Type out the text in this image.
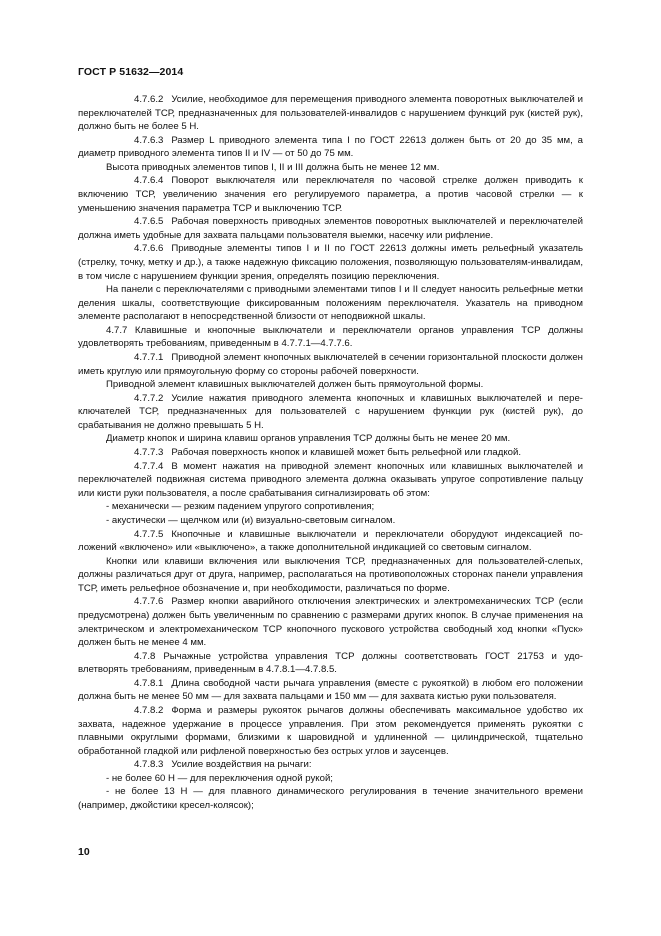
ГОСТ Р 51632—2014

4.7.6.2 Усилие, необходимое для перемещения приводного элемента поворотных выключателей и переключателей ТСР, предназначенных для пользователей-инвалидов с нарушением функций рук (кистей рук), должно быть не более 5 Н.

4.7.6.3 Размер L приводного элемента типа I по ГОСТ 22613 должен быть от 20 до 35 мм, а диаметр приводного элемента типов II и IV — от 50 до 75 мм.

Высота приводных элементов типов I, II и III должна быть не менее 12 мм.

4.7.6.4 Поворот выключателя или переключателя по часовой стрелке должен приводить к включению ТСР, увеличению значения его регулируемого параметра, а против часовой стрелки — к уменьшению значения параметра ТСР и выключению ТСР.

4.7.6.5 Рабочая поверхность приводных элементов поворотных выключателей и переключателей должна иметь удобные для захвата пальцами пользователя выемки, насечку или рифление.

4.7.6.6 Приводные элементы типов I и II по ГОСТ 22613 должны иметь рельефный указатель (стрелку, точку, метку и др.), а также надежную фиксацию положения, позволяющую пользователям-инвалидам, в том числе с нарушением функции зрения, определять позицию переключения.

На панели с переключателями с приводными элементами типов I и II следует наносить рельефные метки деления шкалы, соответствующие фиксированным положениям переключателя. Указатель на приводном элементе располагают в непосредственной близости от неподвижной шкалы.

4.7.7 Клавишные и кнопочные выключатели и переключатели органов управления ТСР должны удовлетворять требованиям, приведенным в 4.7.7.1—4.7.7.6.

4.7.7.1 Приводной элемент кнопочных выключателей в сечении горизонтальной плоскости должен иметь круглую или прямоугольную форму со стороны рабочей поверхности.

Приводной элемент клавишных выключателей должен быть прямоугольной формы.

4.7.7.2 Усилие нажатия приводного элемента кнопочных и клавишных выключателей и переключателей ТСР, предназначенных для пользователей с нарушением функции рук (кистей рук), до срабатывания не должно превышать 5 Н.

Диаметр кнопок и ширина клавиш органов управления ТСР должны быть не менее 20 мм.

4.7.7.3 Рабочая поверхность кнопок и клавишей может быть рельефной или гладкой.

4.7.7.4 В момент нажатия на приводной элемент кнопочных или клавишных выключателей и переключателей подвижная система приводного элемента должна оказывать упругое сопротивление пальцу или кисти руки пользователя, а после срабатывания сигнализировать об этом:

- механически — резким падением упругого сопротивления;

- акустически — щелчком или (и) визуально-световым сигналом.

4.7.7.5 Кнопочные и клавишные выключатели и переключатели оборудуют индексацией положений «включено» или «выключено», а также дополнительной индикацией со световым сигналом.

Кнопки или клавиши включения или выключения ТСР, предназначенных для пользователей-слепых, должны различаться друг от друга, например, располагаться на противоположных сторонах панели управления ТСР, иметь рельефное обозначение и, при необходимости, различаться по форме.

4.7.7.6 Размер кнопки аварийного отключения электрических и электромеханических ТСР (если предусмотрена) должен быть увеличенным по сравнению с размерами других кнопок. В случае применения на электрическом и электромеханическом ТСР кнопочного пускового устройства свободный ход кнопки «Пуск» должен быть не менее 4 мм.

4.7.8 Рычажные устройства управления ТСР должны соответствовать ГОСТ 21753 и удовлетворять требованиям, приведенным в 4.7.8.1—4.7.8.5.

4.7.8.1 Длина свободной части рычага управления (вместе с рукояткой) в любом его положении должна быть не менее 50 мм — для захвата пальцами и 150 мм — для захвата кистью руки пользователя.

4.7.8.2 Форма и размеры рукояток рычагов должны обеспечивать максимальное удобство их захвата, надежное удержание в процессе управления. При этом рекомендуется применять рукоятки с плавными округлыми формами, близкими к шаровидной и удлиненной — цилиндрической, тщательно обработанной гладкой или рифленой поверхностью без острых углов и заусенцев.

4.7.8.3 Усилие воздействия на рычаги:

- не более 60 Н — для переключения одной рукой;

- не более 13 Н — для плавного динамического регулирования в течение значительного времени (например, джойстики кресел-колясок);

10
